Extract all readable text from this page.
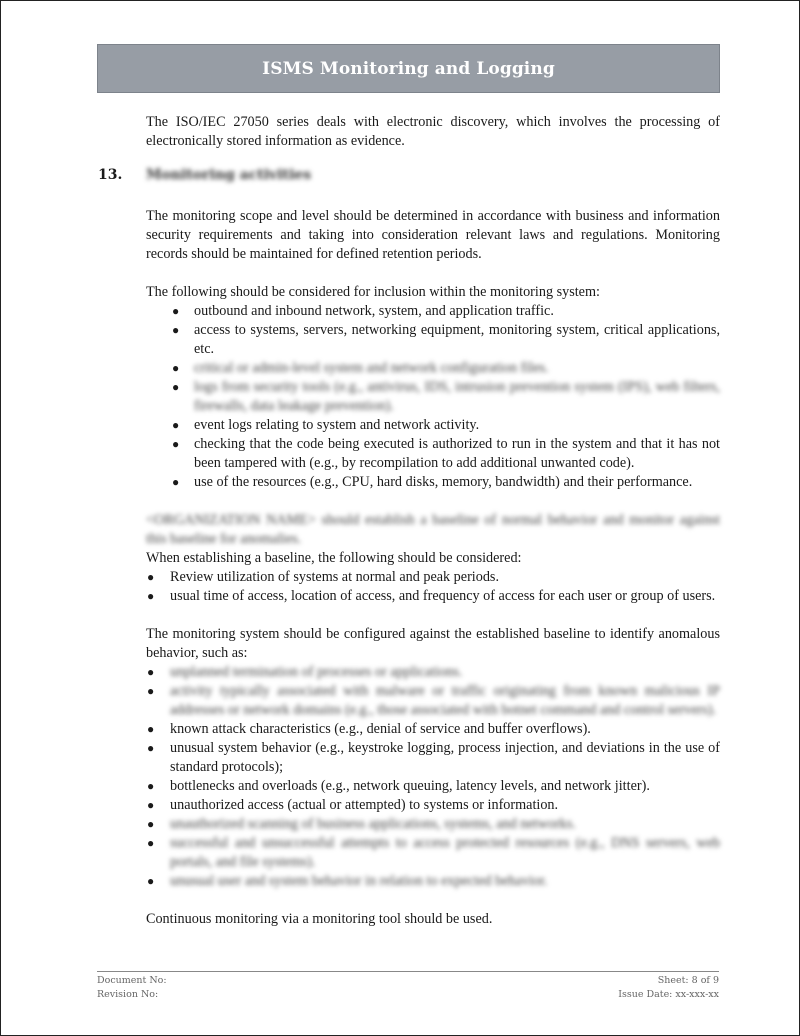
ISMS Monitoring and Logging
13. Monitoring activities

The ISO/IEC 27050 series deals with electronic discovery, which involves the processing of electronically stored information as evidence.

The monitoring scope and level should be determined in accordance with business and information security requirements and taking into consideration relevant laws and regulations. Monitoring records should be maintained for defined retention periods.

The following should be considered for inclusion within the monitoring system:

● outbound and inbound network, system, and application traffic.
● access to systems, servers, networking equipment, monitoring system, critical applications, etc.
● critical or admin-level system and network configuration files.
● logs from security tools (e.g., antivirus, IDS, intrusion prevention system (IPS), web filters, firewalls, data leakage prevention).
● event logs relating to system and network activity.
● checking that the code being executed is authorized to run in the system and that it has not been tampered with (e.g., by recompilation to add additional unwanted code).
● use of the resources (e.g., CPU, hard disks, memory, bandwidth) and their performance.

<ORGANIZATION NAME> should establish a baseline of normal behavior and monitor against this baseline for anomalies.

When establishing a baseline, the following should be considered:

● Review utilization of systems at normal and peak periods.
● usual time of access, location of access, and frequency of access for each user or group of users.

The monitoring system should be configured against the established baseline to identify anomalous behavior, such as:

● unplanned termination of processes or applications.
● activity typically associated with malware or traffic originating from known malicious IP addresses or network domains (e.g., those associated with botnet command and control servers).
● known attack characteristics (e.g., denial of service and buffer overflows).
● unusual system behavior (e.g., keystroke logging, process injection, and deviations in the use of standard protocols);
● bottlenecks and overloads (e.g., network queuing, latency levels, and network jitter).
● unauthorized access (actual or attempted) to systems or information.
● unauthorized scanning of business applications, systems, and networks.
● successful and unsuccessful attempts to access protected resources (e.g., DNS servers, web portals, and file systems).
● unusual user and system behavior in relation to expected behavior.

Continuous monitoring via a monitoring tool should be used.

Document No:	Sheet: 8 of 9
Revision No:	Issue Date: xx-xxx-xx
